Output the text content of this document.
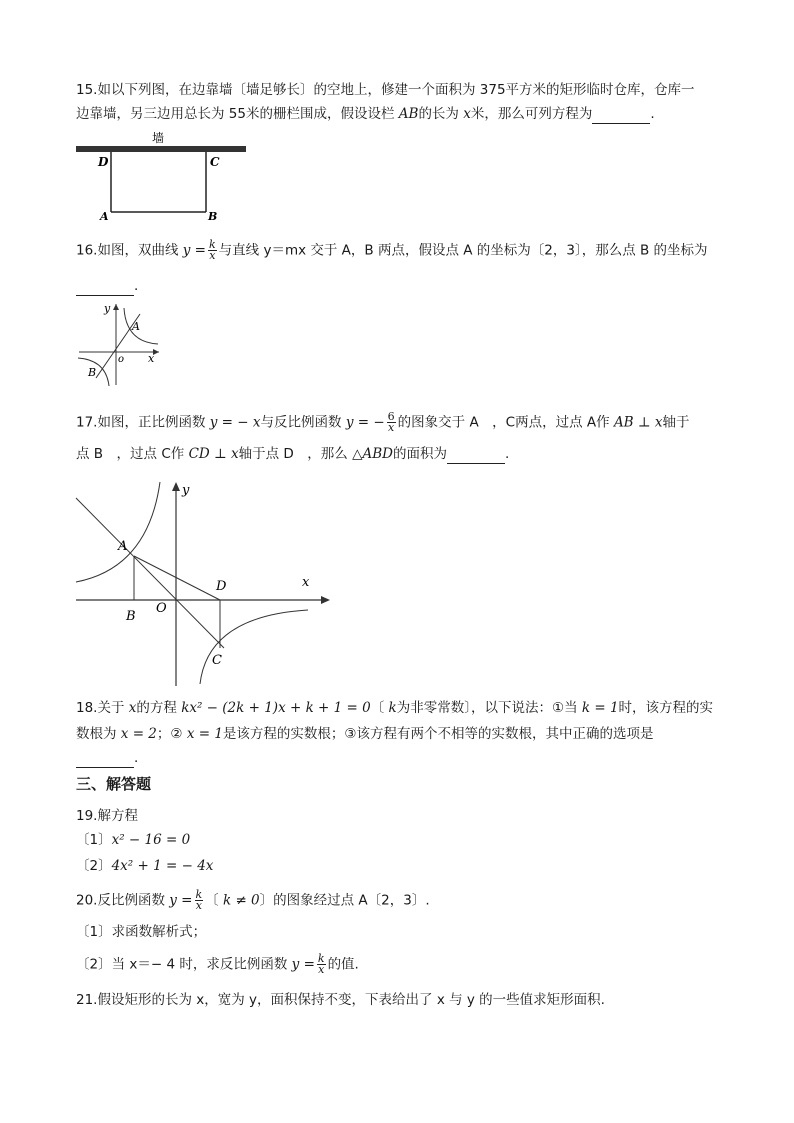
15.如以下列图，在边靠墙〔墙足够长〕的空地上，修建一个面积为 375平方米的矩形临时仓库，仓库一
边靠墙，另三边用总长为 55米的栅栏围成，假设设栏 AB的长为 x米，那么可列方程为	.
墙
D	C
A	B
16.如图，双曲线 $y = \frac{k}{x}$ 与直线 y＝mx 交于 A，B 两点，假设点 A 的坐标为〔2，3〕，那么点 B 的坐标为
.
y
x
o
A
B
17.如图，正比例函数 y = − x与反比例函数 y = − $\frac{6}{x}$ 的图象交于 A　，C两点，过点 A作 AB ⊥ x轴于
点 B　，过点 C作 CD ⊥ x轴于点 D　，那么 △ABD的面积为	.
y
x
A
B
O
D
C
18.关于 x的方程 kx² − (2k + 1)x + k + 1 = 0〔 k为非零常数〕，以下说法：①当 k = 1时，该方程的实
数根为 x = 2；② x = 1是该方程的实数根；③该方程有两个不相等的实数根，其中正确的选项是
.
三、解答题
19.解方程
〔1〕x² − 16 = 0
〔2〕4x² + 1 = − 4x
20.反比例函数 $y = \frac{k}{x}$ 〔 k ≠ 0〕的图象经过点 A〔2，3〕.
〔1〕求函数解析式；
〔2〕当 x＝− 4 时，求反比例函数 $y = \frac{k}{x}$ 的值.
21.假设矩形的长为 x，宽为 y，面积保持不变，下表给出了 x 与 y 的一些值求矩形面积.
